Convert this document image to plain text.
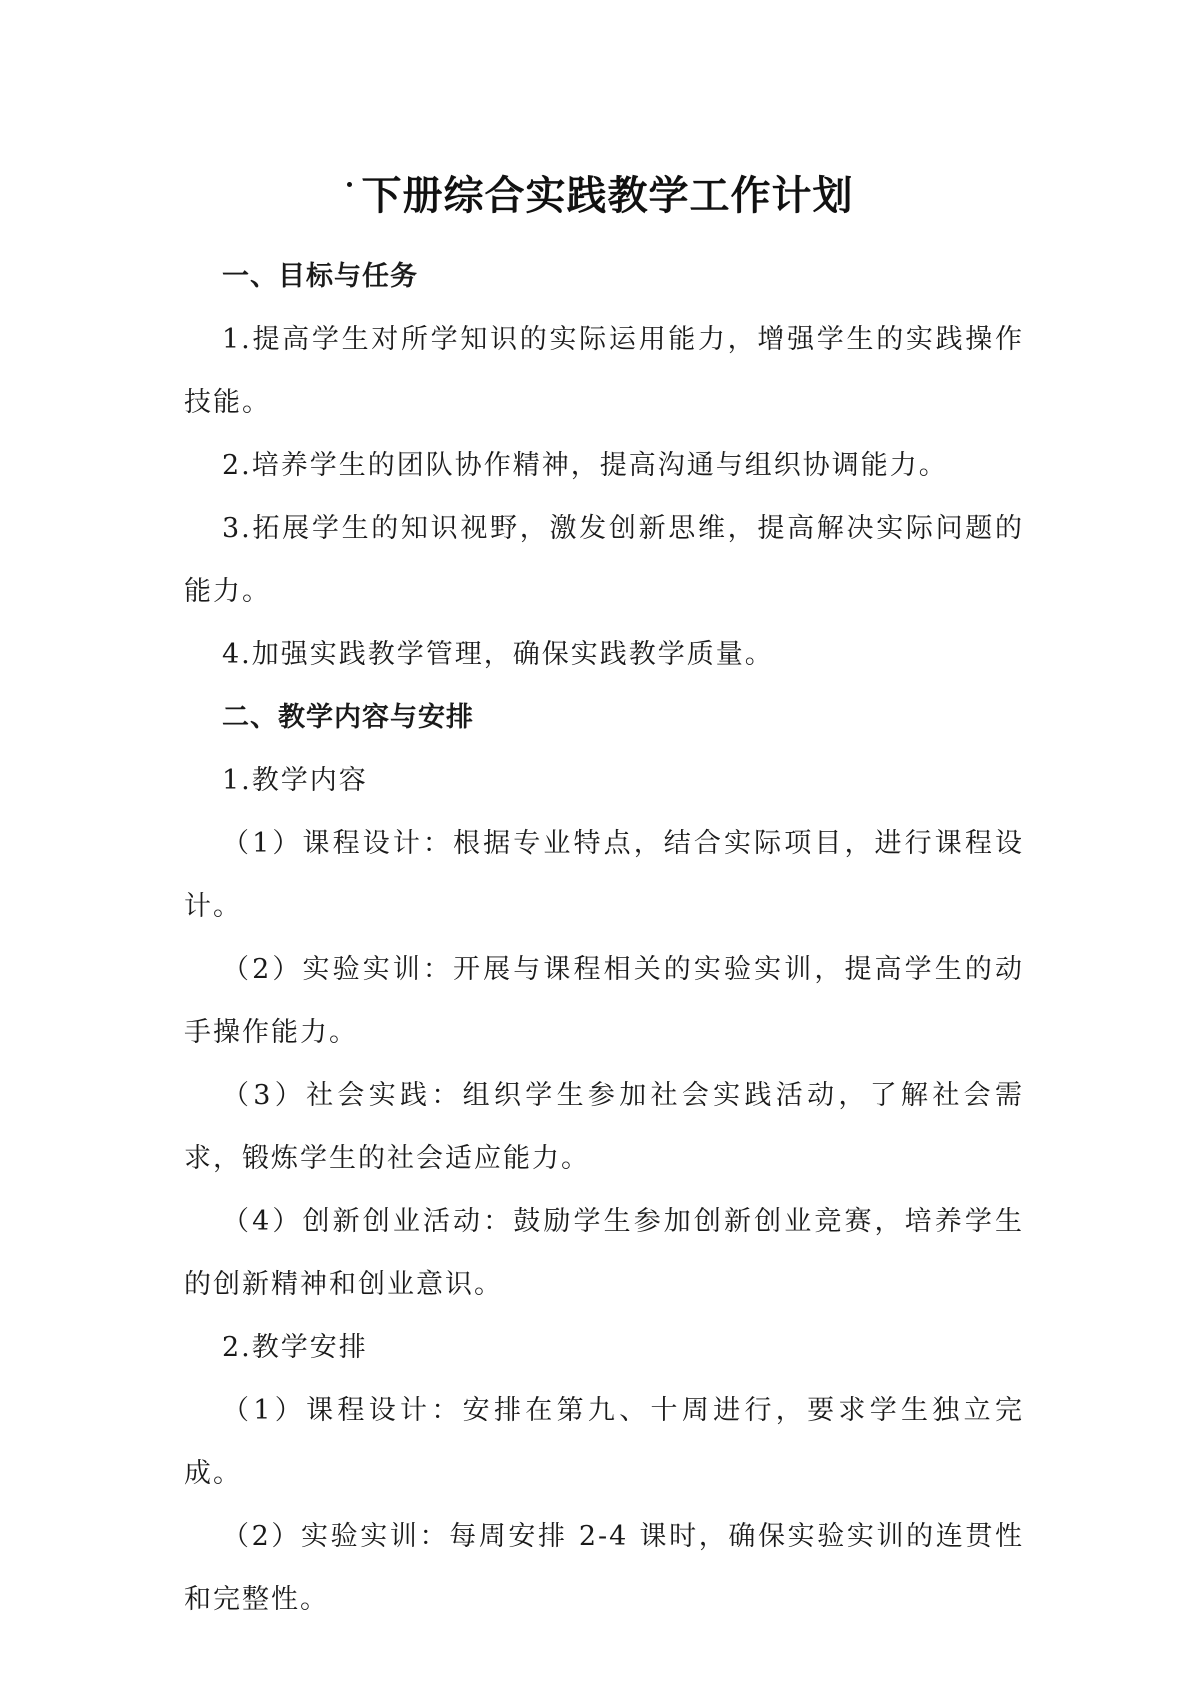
下册综合实践教学工作计划
一、目标与任务
1.提高学生对所学知识的实际运用能力，增强学生的实践操作技能。
2.培养学生的团队协作精神，提高沟通与组织协调能力。
3.拓展学生的知识视野，激发创新思维，提高解决实际问题的能力。
4.加强实践教学管理，确保实践教学质量。
二、教学内容与安排
1.教学内容
（1）课程设计：根据专业特点，结合实际项目，进行课程设计。
（2）实验实训：开展与课程相关的实验实训，提高学生的动手操作能力。
（3）社会实践：组织学生参加社会实践活动，了解社会需求，锻炼学生的社会适应能力。
（4）创新创业活动：鼓励学生参加创新创业竞赛，培养学生的创新精神和创业意识。
2.教学安排
（1）课程设计：安排在第九、十周进行，要求学生独立完成。
（2）实验实训：每周安排 2-4 课时，确保实验实训的连贯性和完整性。
